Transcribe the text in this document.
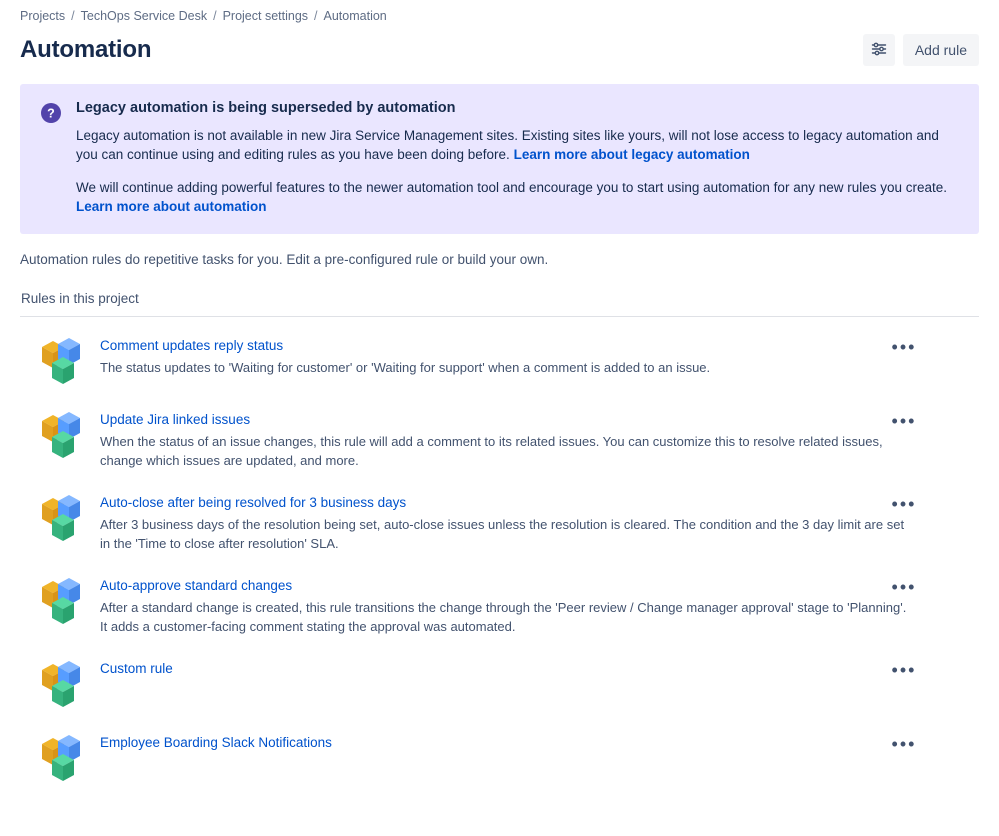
Projects / TechOps Service Desk / Project settings / Automation
Automation	Add rule
? Legacy automation is being superseded by automation

Legacy automation is not available in new Jira Service Management sites. Existing sites like yours, will not lose access to legacy automation and you can continue using and editing rules as you have been doing before. Learn more about legacy automation

We will continue adding powerful features to the newer automation tool and encourage you to start using automation for any new rules you create. Learn more about automation

Automation rules do repetitive tasks for you. Edit a pre-configured rule or build your own.
Rules in this project
Comment updates reply status

The status updates to 'Waiting for customer' or 'Waiting for support' when a comment is added to an issue.

•••
Update Jira linked issues

When the status of an issue changes, this rule will add a comment to its related issues. You can customize this to resolve related issues, change which issues are updated, and more.

•••
Auto-close after being resolved for 3 business days

After 3 business days of the resolution being set, auto-close issues unless the resolution is cleared. The condition and the 3 day limit are set in the 'Time to close after resolution' SLA.

•••
Auto-approve standard changes

After a standard change is created, this rule transitions the change through the 'Peer review / Change manager approval' stage to 'Planning'. It adds a customer-facing comment stating the approval was automated.

•••
Custom rule	•••
Employee Boarding Slack Notifications	•••
